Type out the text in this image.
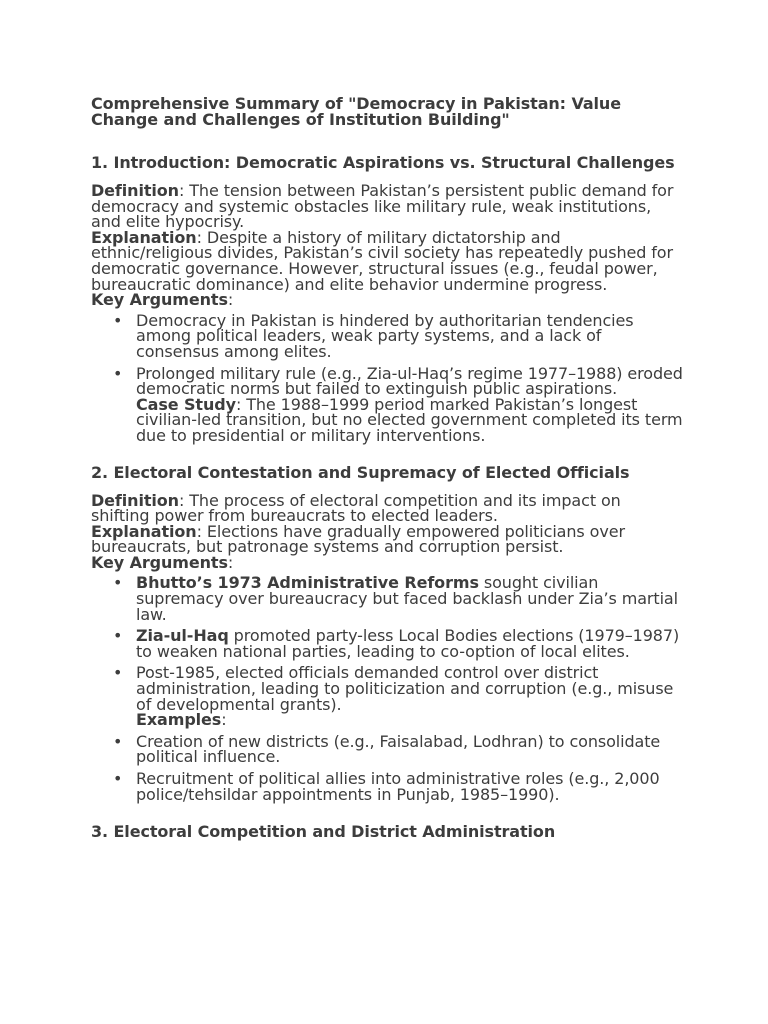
Comprehensive Summary of "Democracy in Pakistan: Value Change and Challenges of Institution Building"
1. Introduction: Democratic Aspirations vs. Structural Challenges

Definition: The tension between Pakistan’s persistent public demand for democracy and systemic obstacles like military rule, weak institutions, and elite hypocrisy.

Explanation: Despite a history of military dictatorship and ethnic/religious divides, Pakistan’s civil society has repeatedly pushed for democratic governance. However, structural issues (e.g., feudal power, bureaucratic dominance) and elite behavior undermine progress.

Key Arguments:

• Democracy in Pakistan is hindered by authoritarian tendencies among political leaders, weak party systems, and a lack of consensus among elites.
• Prolonged military rule (e.g., Zia-ul-Haq’s regime 1977–1988) eroded democratic norms but failed to extinguish public aspirations.
Case Study: The 1988–1999 period marked Pakistan’s longest civilian-led transition, but no elected government completed its term due to presidential or military interventions.
2. Electoral Contestation and Supremacy of Elected Officials

Definition: The process of electoral competition and its impact on shifting power from bureaucrats to elected leaders.

Explanation: Elections have gradually empowered politicians over bureaucrats, but patronage systems and corruption persist.

Key Arguments:

• Bhutto’s 1973 Administrative Reforms sought civilian supremacy over bureaucracy but faced backlash under Zia’s martial law.
• Zia-ul-Haq promoted party-less Local Bodies elections (1979–1987) to weaken national parties, leading to co-option of local elites.
• Post-1985, elected officials demanded control over district administration, leading to politicization and corruption (e.g., misuse of developmental grants).
Examples:
• Creation of new districts (e.g., Faisalabad, Lodhran) to consolidate political influence.
• Recruitment of political allies into administrative roles (e.g., 2,000 police/tehsildar appointments in Punjab, 1985–1990).
3. Electoral Competition and District Administration
